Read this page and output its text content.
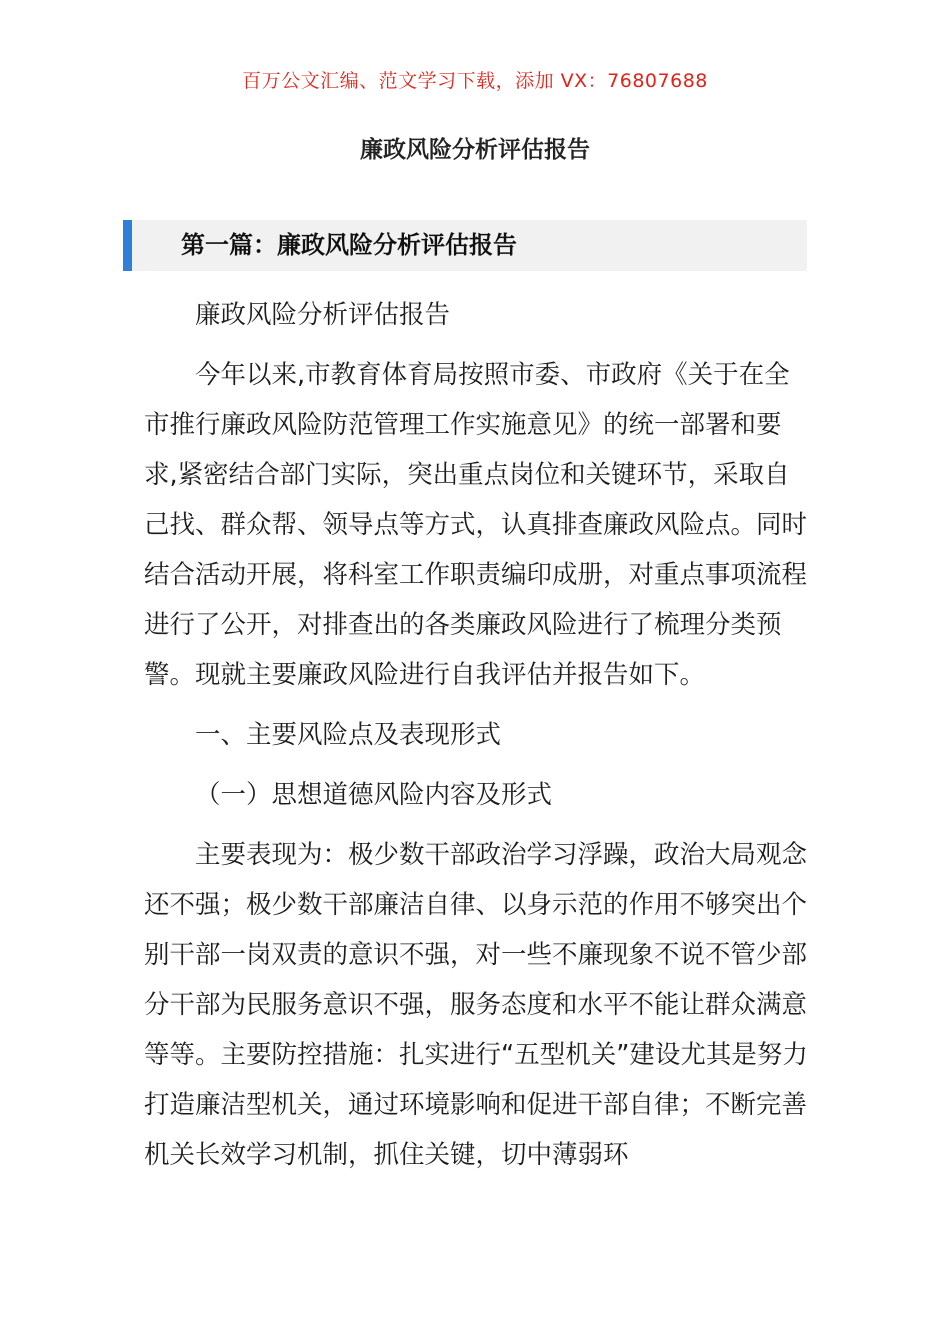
百万公文汇编、范文学习下载，添加 VX：76807688
廉政风险分析评估报告
第一篇：廉政风险分析评估报告

廉政风险分析评估报告

今年以来,市教育体育局按照市委、市政府《关于在全市推行廉政风险防范管理工作实施意见》的统一部署和要求,紧密结合部门实际，突出重点岗位和关键环节，采取自己找、群众帮、领导点等方式，认真排查廉政风险点。同时结合活动开展，将科室工作职责编印成册，对重点事项流程进行了公开，对排查出的各类廉政风险进行了梳理分类预警。现就主要廉政风险进行自我评估并报告如下。

一、主要风险点及表现形式

（一）思想道德风险内容及形式

主要表现为：极少数干部政治学习浮躁，政治大局观念还不强；极少数干部廉洁自律、以身示范的作用不够突出个别干部一岗双责的意识不强，对一些不廉现象不说不管少部分干部为民服务意识不强，服务态度和水平不能让群众满意等等。主要防控措施：扎实进行“五型机关”建设尤其是努力打造廉洁型机关，通过环境影响和促进干部自律；不断完善机关长效学习机制，抓住关键，切中薄弱环
